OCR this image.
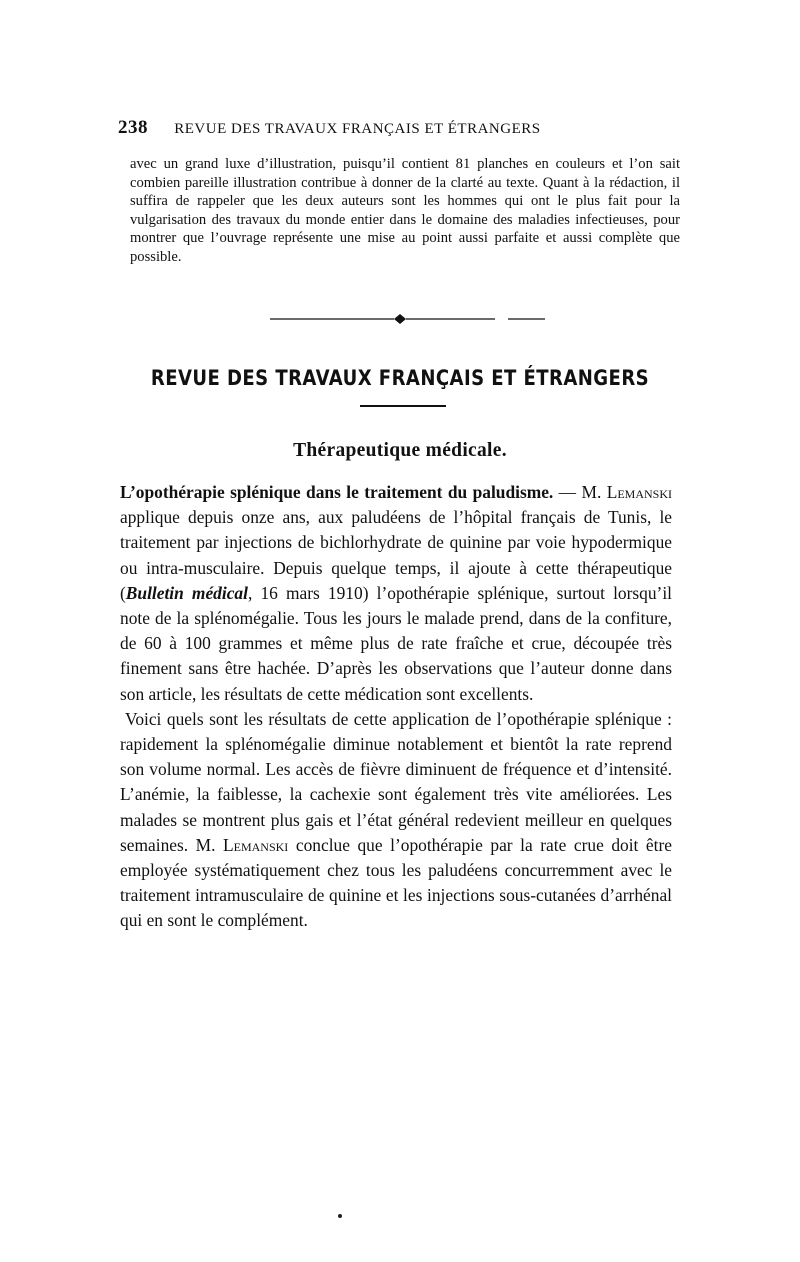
238 REVUE DES TRAVAUX FRANÇAIS ET ÉTRANGERS

avec un grand luxe d’illustration, puisqu’il contient 81 planches en couleurs et l’on sait combien pareille illustration contribue à donner de la clarté au texte. Quant à la rédaction, il suffira de rappeler que les deux auteurs sont les hommes qui ont le plus fait pour la vulgarisation des travaux du monde entier dans le domaine des maladies infectieuses, pour montrer que l’ouvrage représente une mise au point aussi parfaite et aussi complète que possible.

REVUE DES TRAVAUX FRANÇAIS ET ÉTRANGERS
Thérapeutique médicale.

L’opothérapie splénique dans le traitement du paludisme. — M. Lemanski applique depuis onze ans, aux paludéens de l’hôpital français de Tunis, le traitement par injections de bichlorhydrate de quinine par voie hypodermique ou intra-musculaire. Depuis quelque temps, il ajoute à cette thérapeutique (Bulletin médical, 16 mars 1910) l’opothérapie splénique, surtout lorsqu’il note de la splénomégalie. Tous les jours le malade prend, dans de la confiture, de 60 à 100 grammes et même plus de rate fraîche et crue, découpée très finement sans être hachée. D’après les observations que l’auteur donne dans son article, les résultats de cette médication sont excellents.

Voici quels sont les résultats de cette application de l’opothérapie splénique : rapidement la splénomégalie diminue notablement et bientôt la rate reprend son volume normal. Les accès de fièvre diminuent de fréquence et d’intensité. L’anémie, la faiblesse, la cachexie sont également très vite améliorées. Les malades se montrent plus gais et l’état général redevient meilleur en quelques semaines. M. Lemanski conclue que l’opothérapie par la rate crue doit être employée systématiquement chez tous les paludéens concurremment avec le traitement intramusculaire de quinine et les injections sous-cutanées d’arrhénal qui en sont le complément.
